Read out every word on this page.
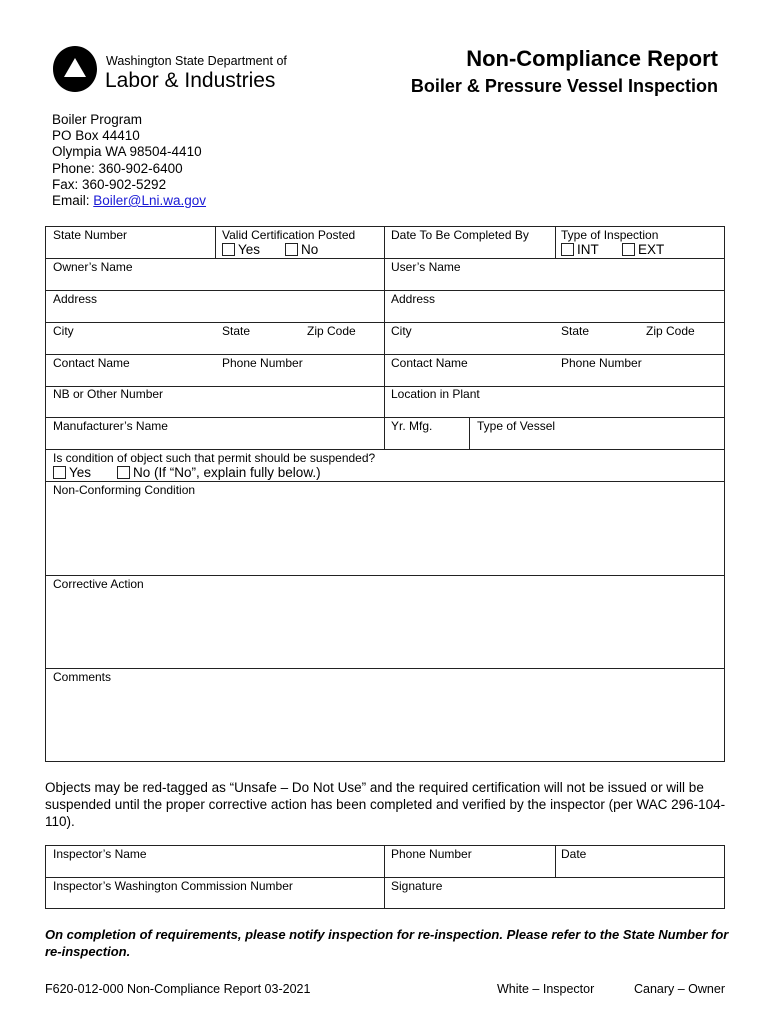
Washington State Department of
Labor & Industries
Non-Compliance Report
Boiler & Pressure Vessel Inspection
Boiler Program
PO Box 44410
Olympia WA 98504-4410
Phone: 360-902-6400
Fax: 360-902-5292
Email: Boiler@Lni.wa.gov
State Number	Valid Certification Posted
Yes	No
Date To Be Completed By	Type of Inspection
INT	EXT
Owner’s Name	User’s Name
Address	Address
City	State	Zip Code	City	State	Zip Code
Contact Name	Phone Number	Contact Name	Phone Number
NB or Other Number	Location in Plant
Manufacturer’s Name	Yr. Mfg.	Type of Vessel
Is condition of object such that permit should be suspended?
Yes	No (If “No”, explain fully below.)
Non-Conforming Condition
Corrective Action
Comments
Objects may be red-tagged as “Unsafe – Do Not Use” and the required certification will not be issued or will be suspended until the proper corrective action has been completed and verified by the inspector (per WAC 296-104-110).
Inspector’s Name	Phone Number	Date
Inspector’s Washington Commission Number	Signature
On completion of requirements, please notify inspection for re-inspection. Please refer to the State Number for re-inspection.
F620-012-000 Non-Compliance Report 03-2021	White – Inspector	Canary – Owner
